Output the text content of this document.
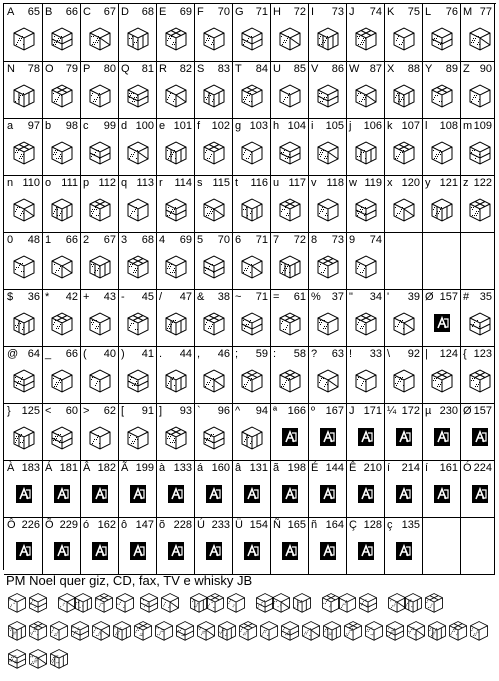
A 65 B 66 C 67 D 68 E 69 F 70 G 71 H 72 I 73 J 74 K 75 L 76 M 77
N 78 O 79 P 80 Q 81 R 82 S 83 T 84 U 85 V 86 W 87 X 88 Y 89 Z 90
a 97 b 98 c 99 d 100 e 101 f 102 g 103 h 104 i 105 j 106 k 107 l 108 m 109
n 110 o 111 p 112 q 113 r 114 s 115 t 116 u 117 v 118 w 119 x 120 y 121 z 122
0 48 1 66 2 67 3 68 4 69 5 70 6 71 7 72 8 73 9 74
$ 36 * 42 + 43 - 45 / 47 & 38 ~ 71 = 61 % 37 " 34 ' 39 Ø 157 # 35
@ 64 _ 66 ( 40 ) 41 . 44 , 46 ; 59 : 58 ? 63 ! 33 \ 92 | 124 { 123
} 125 < 60 > 62 [ 91 ] 93 ` 96 ^ 94 ª 166 º 167 J 171 ¼ 172 µ 230 Ø 157
À 183 Á 181 Â 182 Ã 199 à 133 á 160 â 131 ã 198 É 144 Ê 210 í 214 í 161 Ó 224
Ô 226 Õ 229 ó 162 ô 147 õ 228 Ú 233 Ü 154 Ñ 165 ñ 164 Ç 128 ç 135
PM Noel quer giz, CD, fax, TV e whisky JB
